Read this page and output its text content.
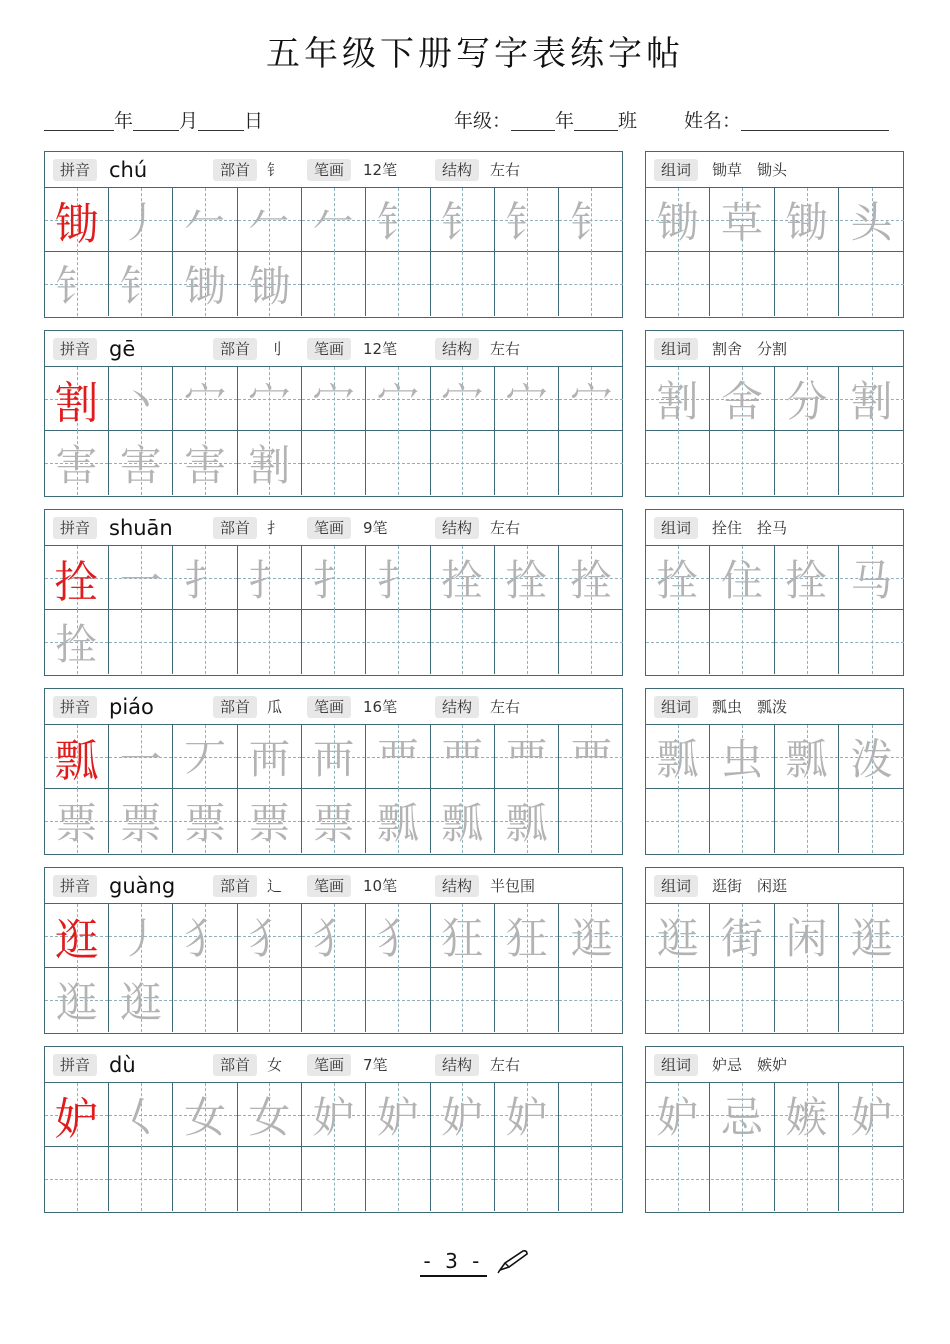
五年级下册写字表练字帖
年 月 日	年级： 年 班 姓名：
拼音 chú	部首	钅	笔画	12笔	结构	左右
锄 丿 𠂉 𠂉 𠂉 钅 钅 钅 钅
钅 钅 锄 锄
组词	锄草　锄头
锄 草 锄 头
拼音 gē	部首	刂	笔画	12笔	结构	左右
割 丶 宀 宀 宀 宀 宀 宀 宀
害 害 害 割
组词	割舍　分割
割 舍 分 割
拼音 shuān	部首	扌	笔画	9笔	结构	左右
拴 一 扌 扌 扌 扌 拴 拴 拴
拴
组词	拴住　拴马
拴 住 拴 马
拼音 piáo	部首	瓜	笔画	16笔	结构	左右
瓢 一 丆 襾 襾 覀 覀 覀 覀
票 票 票 票 票 瓢 瓢 瓢
组词	瓢虫　瓢泼
瓢 虫 瓢 泼
拼音 guàng	部首	辶	笔画	10笔	结构	半包围
逛 丿 犭 犭 犭 犭 狂 狂 逛
逛 逛
组词	逛街　闲逛
逛 街 闲 逛
拼音 dù	部首	女	笔画	7笔	结构	左右
妒 𡿨 女 女 妒 妒 妒 妒
组词	妒忌　嫉妒
妒 忌 嫉 妒
- 3 -
